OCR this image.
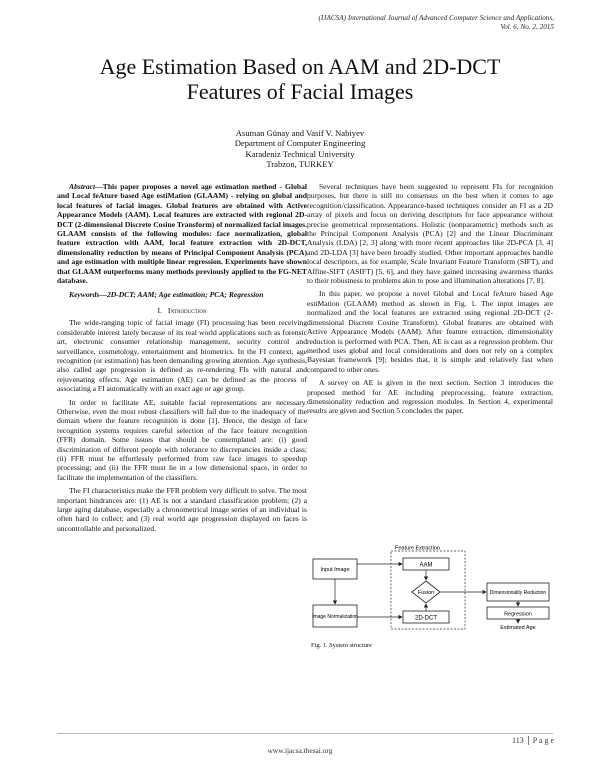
(IJACSA) International Journal of Advanced Computer Science and Applications,
Vol. 6, No. 2, 2015
Age Estimation Based on AAM and 2D-DCT
Features of Facial Images
Asuman Günay and Vasif V. Nabiyev
Department of Computer Engineering
Karadeniz Technical University
Trabzon, TURKEY

Abstract—This paper proposes a novel age estimation method - Global and Local feAture based Age estiMation (GLAAM) - relying on global and local features of facial images. Global features are obtained with Active Appearance Models (AAM). Local features are extracted with regional 2D-DCT (2-dimensional Discrete Cosine Transform) of normalized facial images. GLAAM consists of the following modules: face normalization, global feature extraction with AAM, local feature extraction with 2D-DCT, dimensionality reduction by means of Principal Component Analysis (PCA) and age estimation with multiple linear regression. Experiments have shown that GLAAM outperforms many methods previously applied to the FG-NET database.

Keywords—2D-DCT; AAM; Age estimation; PCA; Regression

I. Introduction

The wide-ranging topic of facial image (FI) processing has been receiving considerable interest lately because of its real world applications such as forensic art, electronic consumer relationship management, security control and surveillance, cosmetology, entertainment and biometrics. In the FI context, age recognition (or estimation) has been demanding growing attention. Age synthesis, also called age progression is defined as re-rendering FIs with natural and rejuvenating effects. Age estimation (AE) can be defined as the process of associating a FI automatically with an exact age or age group.

In order to facilitate AE, suitable facial representations are necessary. Otherwise, even the most robust classifiers will fail due to the inadequacy of the domain where the feature recognition is done [1]. Hence, the design of face recognition systems requires careful selection of the face feature recognition (FFR) domain. Some issues that should be contemplated are: (i) good discrimination of different people with tolerance to discrepancies inside a class; (ii) FFR must be effortlessly performed from raw face images to speedup processing; and (ii) the FFR must lie in a low dimensional space, in order to facilitate the implementation of the classifiers.

The FI characteristics make the FFR problem very difficult to solve. The most important hindrances are: (1) AE is not a standard classification problem; (2) a large aging database, especially a chronometrical image series of an individual is often hard to collect; and (3) real world age progression displayed on faces is uncontrollable and personalized.

Several techniques have been suggested to represent FIs for recognition purposes, but there is still no consensus on the best when it comes to age recognition/classification. Appearance-based techniques consider an FI as a 2D array of pixels and focus on deriving descriptors for face appearance without precise geometrical representations. Holistic (nonparametric) methods such as the Principal Component Analysis (PCA) [2] and the Linear Discriminant Analysis (LDA) [2, 3] along with more recent approaches like 2D-PCA [3, 4] and 2D-LDA [3] have been broadly studied. Other important approaches handle local descriptors, as for example, Scale Invariant Feature Transform (SIFT), and Affine-SIFT (ASIFT) [5, 6], and they have gained increasing awareness thanks to their robustness to problems akin to pose and illumination alterations [7, 8].

In this paper, we propose a novel Global and Local feAture based Age estiMation (GLAAM) method as shown in Fig. 1. The input images are normalized and the local features are extracted using regional 2D-DCT (2-dimensional Discrete Cosine Transform). Global features are obtained with Active Appearance Models (AAM). After feature extraction, dimensionality reduction is performed with PCA. Then, AE is cast as a regression problem. Our method uses global and local considerations and does not rely on a complex Bayesian framework [9]; besides that, it is simple and relatively fast when compared to other ones.

A survey on AE is given in the next section. Section 3 introduces the proposed method for AE including preprocessing, feature extraction, dimensionality reduction and regression modules. In Section 4, experimental results are given and Section 5 concludes the paper.

Feature Extraction
Input Image
AAM
Fusion
2D-DCT
Image Normalization
Dimensionality Reduction
Regression
Estimated Age
Fig. 1. System structure
113 P a g e
www.ijacsa.thesai.org
